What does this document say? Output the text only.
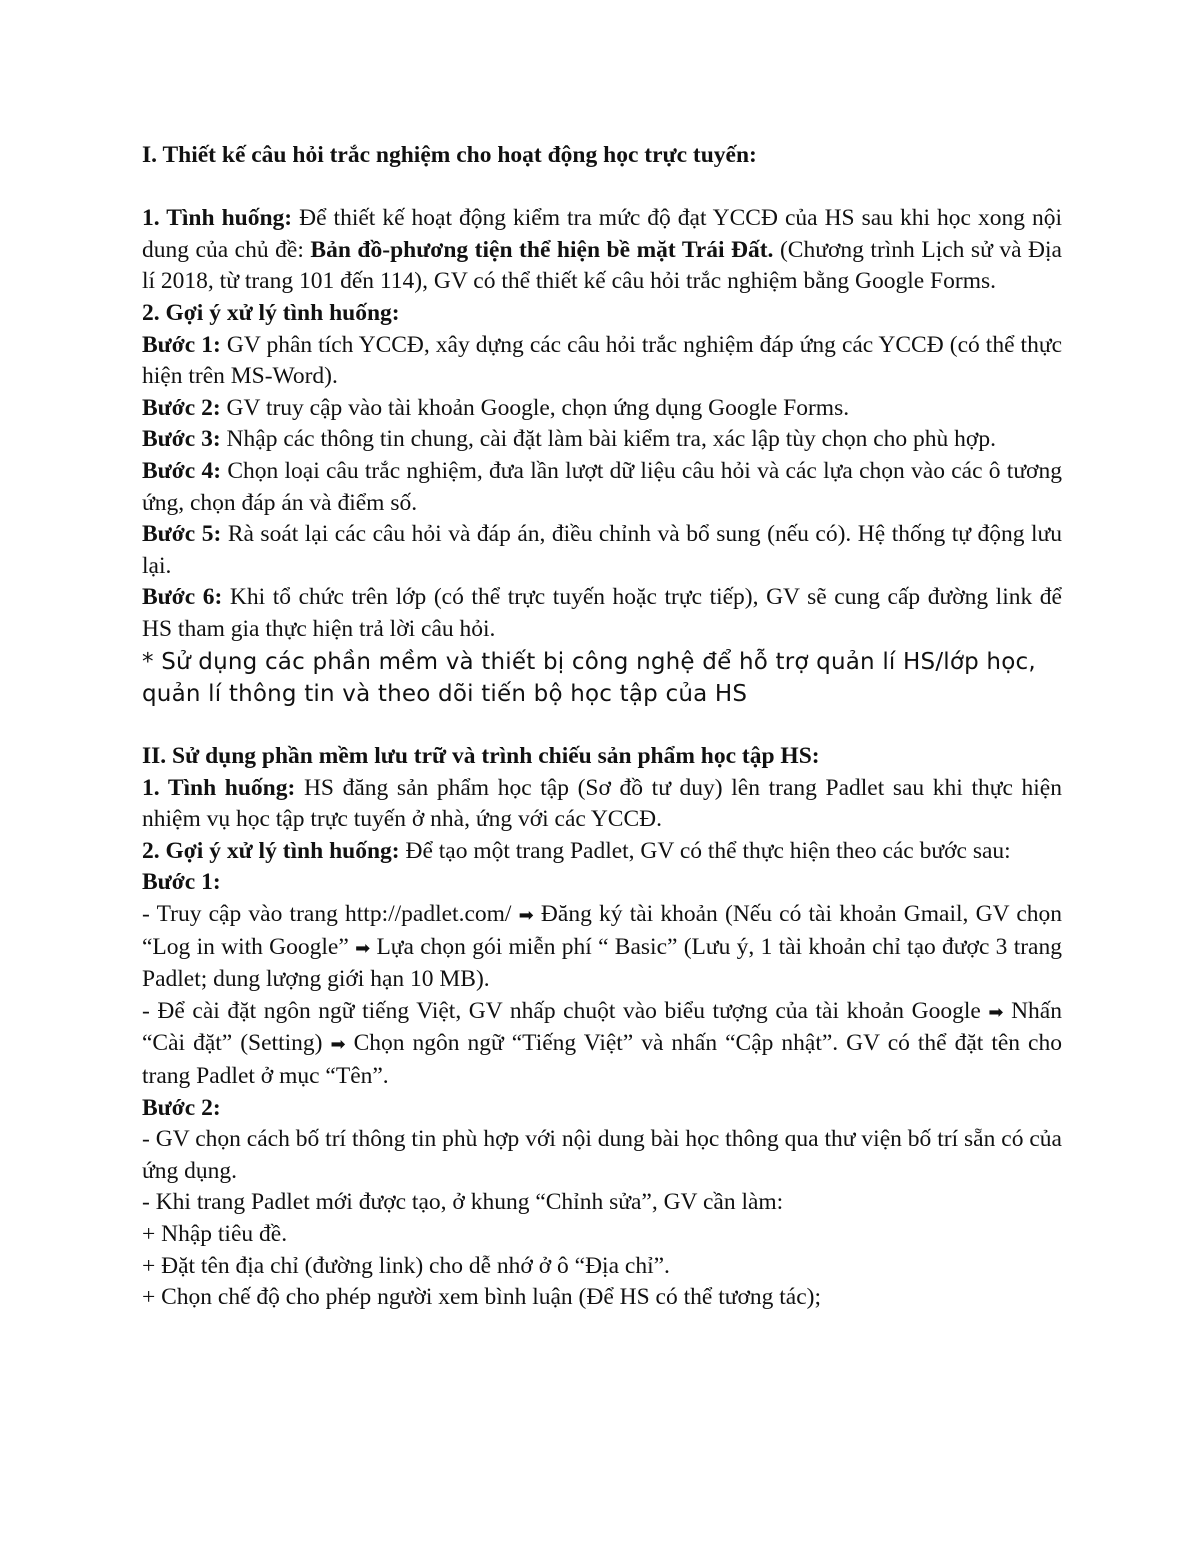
I. Thiết kế câu hỏi trắc nghiệm cho hoạt động học trực tuyến:

1. Tình huống: Để thiết kế hoạt động kiểm tra mức độ đạt YCCĐ của HS sau khi học xong nội dung của chủ đề: Bản đồ-phương tiện thể hiện bề mặt Trái Đất. (Chương trình Lịch sử và Địa lí 2018, từ trang 101 đến 114), GV có thể thiết kế câu hỏi trắc nghiệm bằng Google Forms.

2. Gợi ý xử lý tình huống:

Bước 1: GV phân tích YCCĐ, xây dựng các câu hỏi trắc nghiệm đáp ứng các YCCĐ (có thể thực hiện trên MS-Word).

Bước 2: GV truy cập vào tài khoản Google, chọn ứng dụng Google Forms.

Bước 3: Nhập các thông tin chung, cài đặt làm bài kiểm tra, xác lập tùy chọn cho phù hợp.

Bước 4: Chọn loại câu trắc nghiệm, đưa lần lượt dữ liệu câu hỏi và các lựa chọn vào các ô tương ứng, chọn đáp án và điểm số.

Bước 5: Rà soát lại các câu hỏi và đáp án, điều chỉnh và bổ sung (nếu có). Hệ thống tự động lưu lại.

Bước 6: Khi tổ chức trên lớp (có thể trực tuyến hoặc trực tiếp), GV sẽ cung cấp đường link để HS tham gia thực hiện trả lời câu hỏi.

* Sử dụng các phần mềm và thiết bị công nghệ để hỗ trợ quản lí HS/lớp học, quản lí thông tin và theo dõi tiến bộ học tập của HS

II. Sử dụng phần mềm lưu trữ và trình chiếu sản phẩm học tập HS:

1. Tình huống: HS đăng sản phẩm học tập (Sơ đồ tư duy) lên trang Padlet sau khi thực hiện nhiệm vụ học tập trực tuyến ở nhà, ứng với các YCCĐ.

2. Gợi ý xử lý tình huống: Để tạo một trang Padlet, GV có thể thực hiện theo các bước sau:

Bước 1:

- Truy cập vào trang http://padlet.com/ ➡ Đăng ký tài khoản (Nếu có tài khoản Gmail, GV chọn “Log in with Google” ➡ Lựa chọn gói miễn phí “ Basic” (Lưu ý, 1 tài khoản chỉ tạo được 3 trang Padlet; dung lượng giới hạn 10 MB).

- Để cài đặt ngôn ngữ tiếng Việt, GV nhấp chuột vào biểu tượng của tài khoản Google ➡ Nhấn “Cài đặt” (Setting) ➡ Chọn ngôn ngữ “Tiếng Việt” và nhấn “Cập nhật”. GV có thể đặt tên cho trang Padlet ở mục “Tên”.

Bước 2:

- GV chọn cách bố trí thông tin phù hợp với nội dung bài học thông qua thư viện bố trí sẵn có của ứng dụng.

- Khi trang Padlet mới được tạo, ở khung “Chỉnh sửa”, GV cần làm:

+ Nhập tiêu đề.

+ Đặt tên địa chỉ (đường link) cho dễ nhớ ở ô “Địa chỉ”.

+ Chọn chế độ cho phép người xem bình luận (Để HS có thể tương tác);
